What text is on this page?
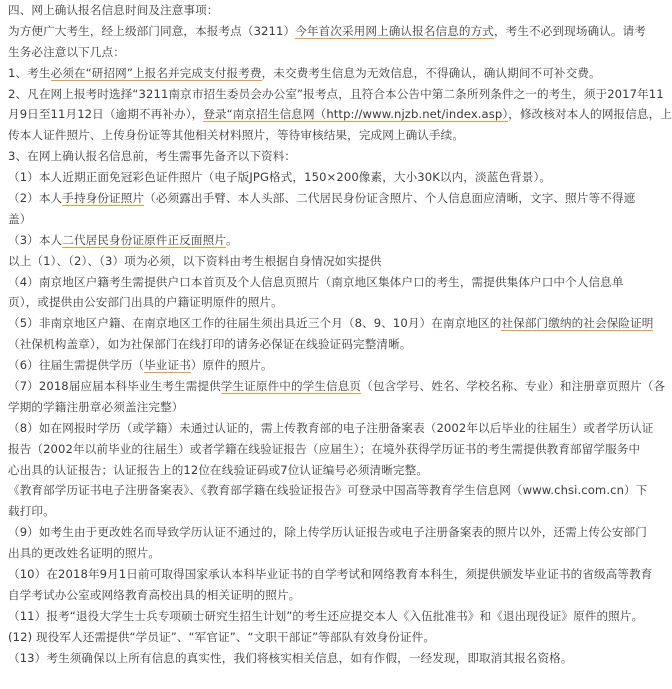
四、网上确认报名信息时间及注意事项：
为方便广大考生，经上级部门同意，本报考点（3211）今年首次采用网上确认报名信息的方式，考生不必到现场确认。请考
生务必注意以下几点：
1、考生必须在“研招网”上报名并完成支付报考费，未交费考生信息为无效信息，不得确认，确认期间不可补交费。
2、凡在网上报考时选择“3211南京市招生委员会办公室”报考点，且符合本公告中第二条所列条件之一的考生，须于2017年11
月9日至11月12日（逾期不再补办），登录“南京招生信息网（http://www.njzb.net/index.asp），修改核对本人的网报信息，上
传本人证件照片、上传身份证等其他相关材料照片，等待审核结果，完成网上确认手续。
3、在网上确认报名信息前，考生需事先备齐以下资料：
（1）本人近期正面免冠彩色证件照片（电子版JPG格式，150×200像素，大小30K以内，淡蓝色背景）。
（2）本人手持身份证照片（必须露出手臂、本人头部、二代居民身份证含照片、个人信息面应清晰，文字、照片等不得遮
盖）
（3）本人二代居民身份证原件正反面照片。
以上（1）、（2）、（3）项为必须，以下资料由考生根据自身情况如实提供
（4）南京地区户籍考生需提供户口本首页及个人信息页照片（南京地区集体户口的考生，需提供集体户口中个人信息单
页），或提供由公安部门出具的户籍证明原件的照片。
（5）非南京地区户籍、在南京地区工作的往届生须出具近三个月（8、9、10月）在南京地区的社保部门缴纳的社会保险证明
（社保机构盖章），如为社保部门在线打印的请务必保证在线验证码完整清晰。
（6）往届生需提供学历（毕业证书）原件的照片。
（7）2018届应届本科毕业生考生需提供学生证原件中的学生信息页（包含学号、姓名、学校名称、专业）和注册章页照片（各
学期的学籍注册章必须盖注完整）
（8）如在网报时学历（或学籍）未通过认证的，需上传教育部的电子注册备案表（2002年以后毕业的往届生）或者学历认证
报告（2002年以前毕业的往届生）或者学籍在线验证报告（应届生）；在境外获得学历证书的考生需提供教育部留学服务中
心出具的认证报告；认证报告上的12位在线验证码或7位认证编号必须清晰完整。
《教育部学历证书电子注册备案表》、《教育部学籍在线验证报告》可登录中国高等教育学生信息网（www.chsi.com.cn）下
载打印。
（9）如考生由于更改姓名而导致学历认证不通过的，除上传学历认证报告或电子注册备案表的照片以外，还需上传公安部门
出具的更改姓名证明的照片。
（10）在2018年9月1日前可取得国家承认本科毕业证书的自学考试和网络教育本科生，须提供颁发毕业证书的省级高等教育
自学考试办公室或网络教育高校出具的相关证明的照片。
（11）报考“退役大学生士兵专项硕士研究生招生计划”的考生还应提交本人《入伍批准书》和《退出现役证》原件的照片。
(12) 现役军人还需提供“学员证”、“军官证”、“文职干部证”等部队有效身份证件。
（13）考生须确保以上所有信息的真实性，我们将核实相关信息，如有作假，一经发现，即取消其报名资格。
